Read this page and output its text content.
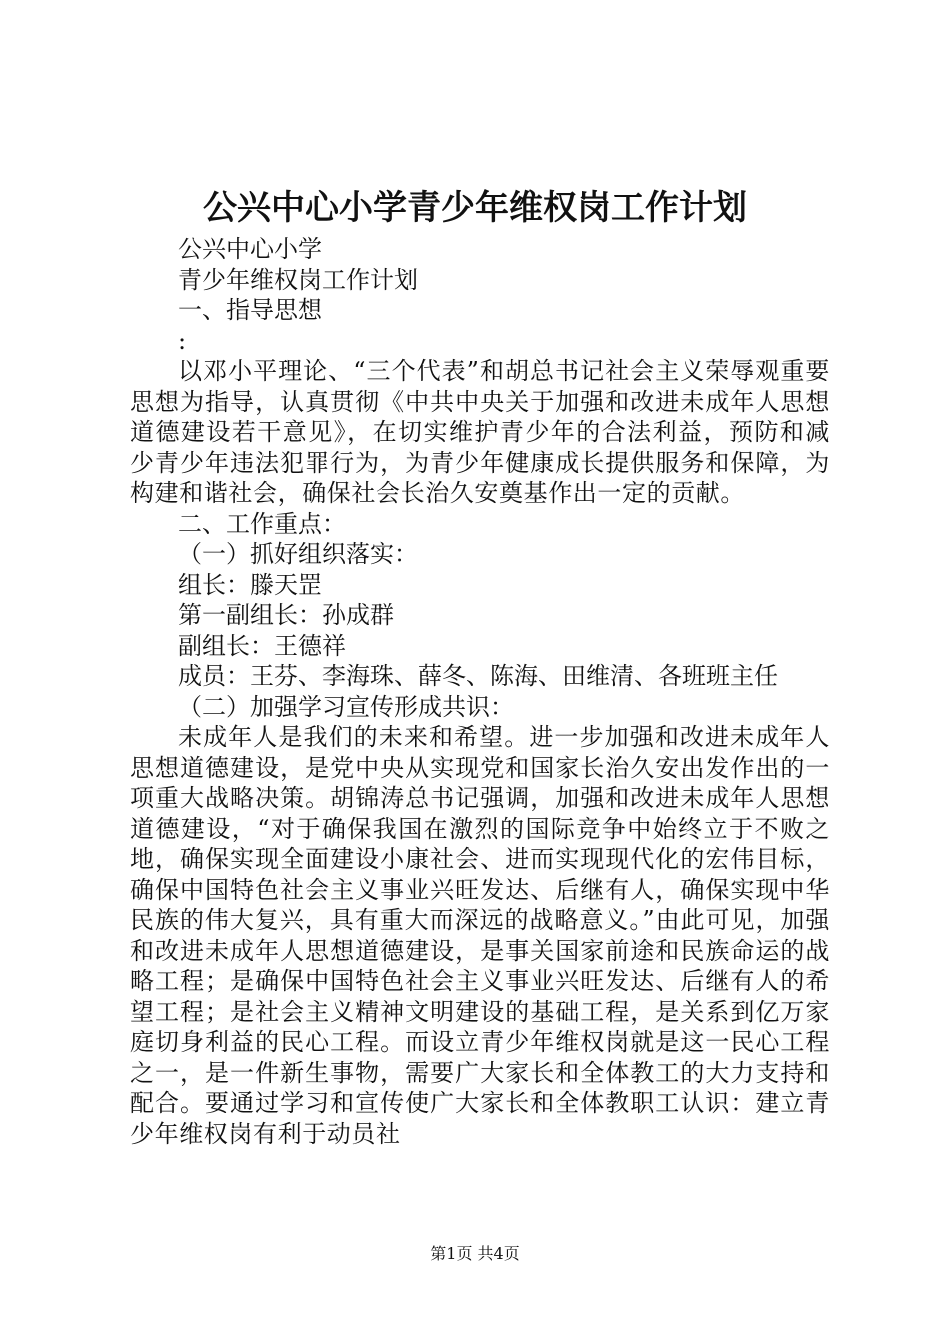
公兴中心小学青少年维权岗工作计划

公兴中心小学

青少年维权岗工作计划

一、指导思想

:

以邓小平理论、“三个代表”和胡总书记社会主义荣辱观重要思想为指导，认真贯彻《中共中央关于加强和改进未成年人思想道德建设若干意见》，在切实维护青少年的合法利益，预防和减少青少年违法犯罪行为，为青少年健康成长提供服务和保障，为构建和谐社会，确保社会长治久安奠基作出一定的贡献。

二、工作重点：

（一）抓好组织落实：

组长：滕天罡

第一副组长：孙成群

副组长：王德祥

成员：王芬、李海珠、薛冬、陈海、田维清、各班班主任

（二）加强学习宣传形成共识：

未成年人是我们的未来和希望。进一步加强和改进未成年人思想道德建设，是党中央从实现党和国家长治久安出发作出的一项重大战略决策。胡锦涛总书记强调，加强和改进未成年人思想道德建设，“对于确保我国在激烈的国际竞争中始终立于不败之地，确保实现全面建设小康社会、进而实现现代化的宏伟目标，确保中国特色社会主义事业兴旺发达、后继有人，确保实现中华民族的伟大复兴，具有重大而深远的战略意义。”由此可见，加强和改进未成年人思想道德建设，是事关国家前途和民族命运的战略工程；是确保中国特色社会主义事业兴旺发达、后继有人的希望工程；是社会主义精神文明建设的基础工程，是关系到亿万家庭切身利益的民心工程。而设立青少年维权岗就是这一民心工程之一，是一件新生事物，需要广大家长和全体教工的大力支持和配合。要通过学习和宣传使广大家长和全体教职工认识：建立青少年维权岗有利于动员社

第1页 共4页
